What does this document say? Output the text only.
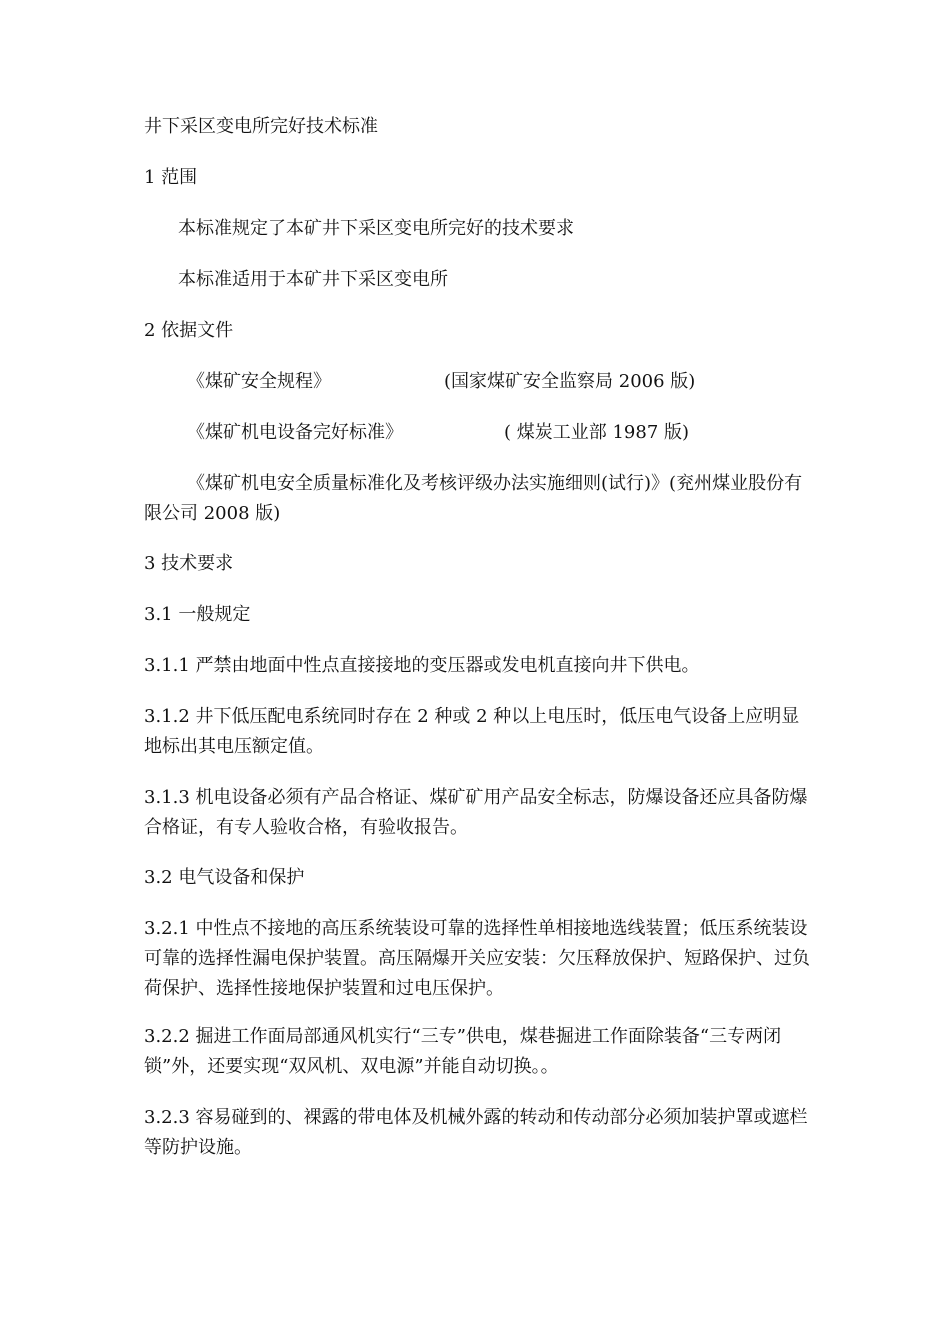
井下采区变电所完好技术标准

1 范围

本标准规定了本矿井下采区变电所完好的技术要求

本标准适用于本矿井下采区变电所

2 依据文件

《煤矿安全规程》	(国家煤矿安全监察局 2006 版)
《煤矿机电设备完好标准》	( 煤炭工业部 1987 版)

《煤矿机电安全质量标准化及考核评级办法实施细则(试行)》(兖州煤业股份有限公司 2008 版)

3 技术要求

3.1 一般规定

3.1.1 严禁由地面中性点直接接地的变压器或发电机直接向井下供电。

3.1.2 井下低压配电系统同时存在 2 种或 2 种以上电压时，低压电气设备上应明显地标出其电压额定值。

3.1.3 机电设备必须有产品合格证、煤矿矿用产品安全标志，防爆设备还应具备防爆合格证，有专人验收合格，有验收报告。

3.2 电气设备和保护

3.2.1 中性点不接地的高压系统装设可靠的选择性单相接地选线装置；低压系统装设可靠的选择性漏电保护装置。高压隔爆开关应安装：欠压释放保护、短路保护、过负荷保护、选择性接地保护装置和过电压保护。

3.2.2 掘进工作面局部通风机实行“三专”供电，煤巷掘进工作面除装备“三专两闭锁”外，还要实现“双风机、双电源”并能自动切换。。

3.2.3 容易碰到的、裸露的带电体及机械外露的转动和传动部分必须加装护罩或遮栏等防护设施。
